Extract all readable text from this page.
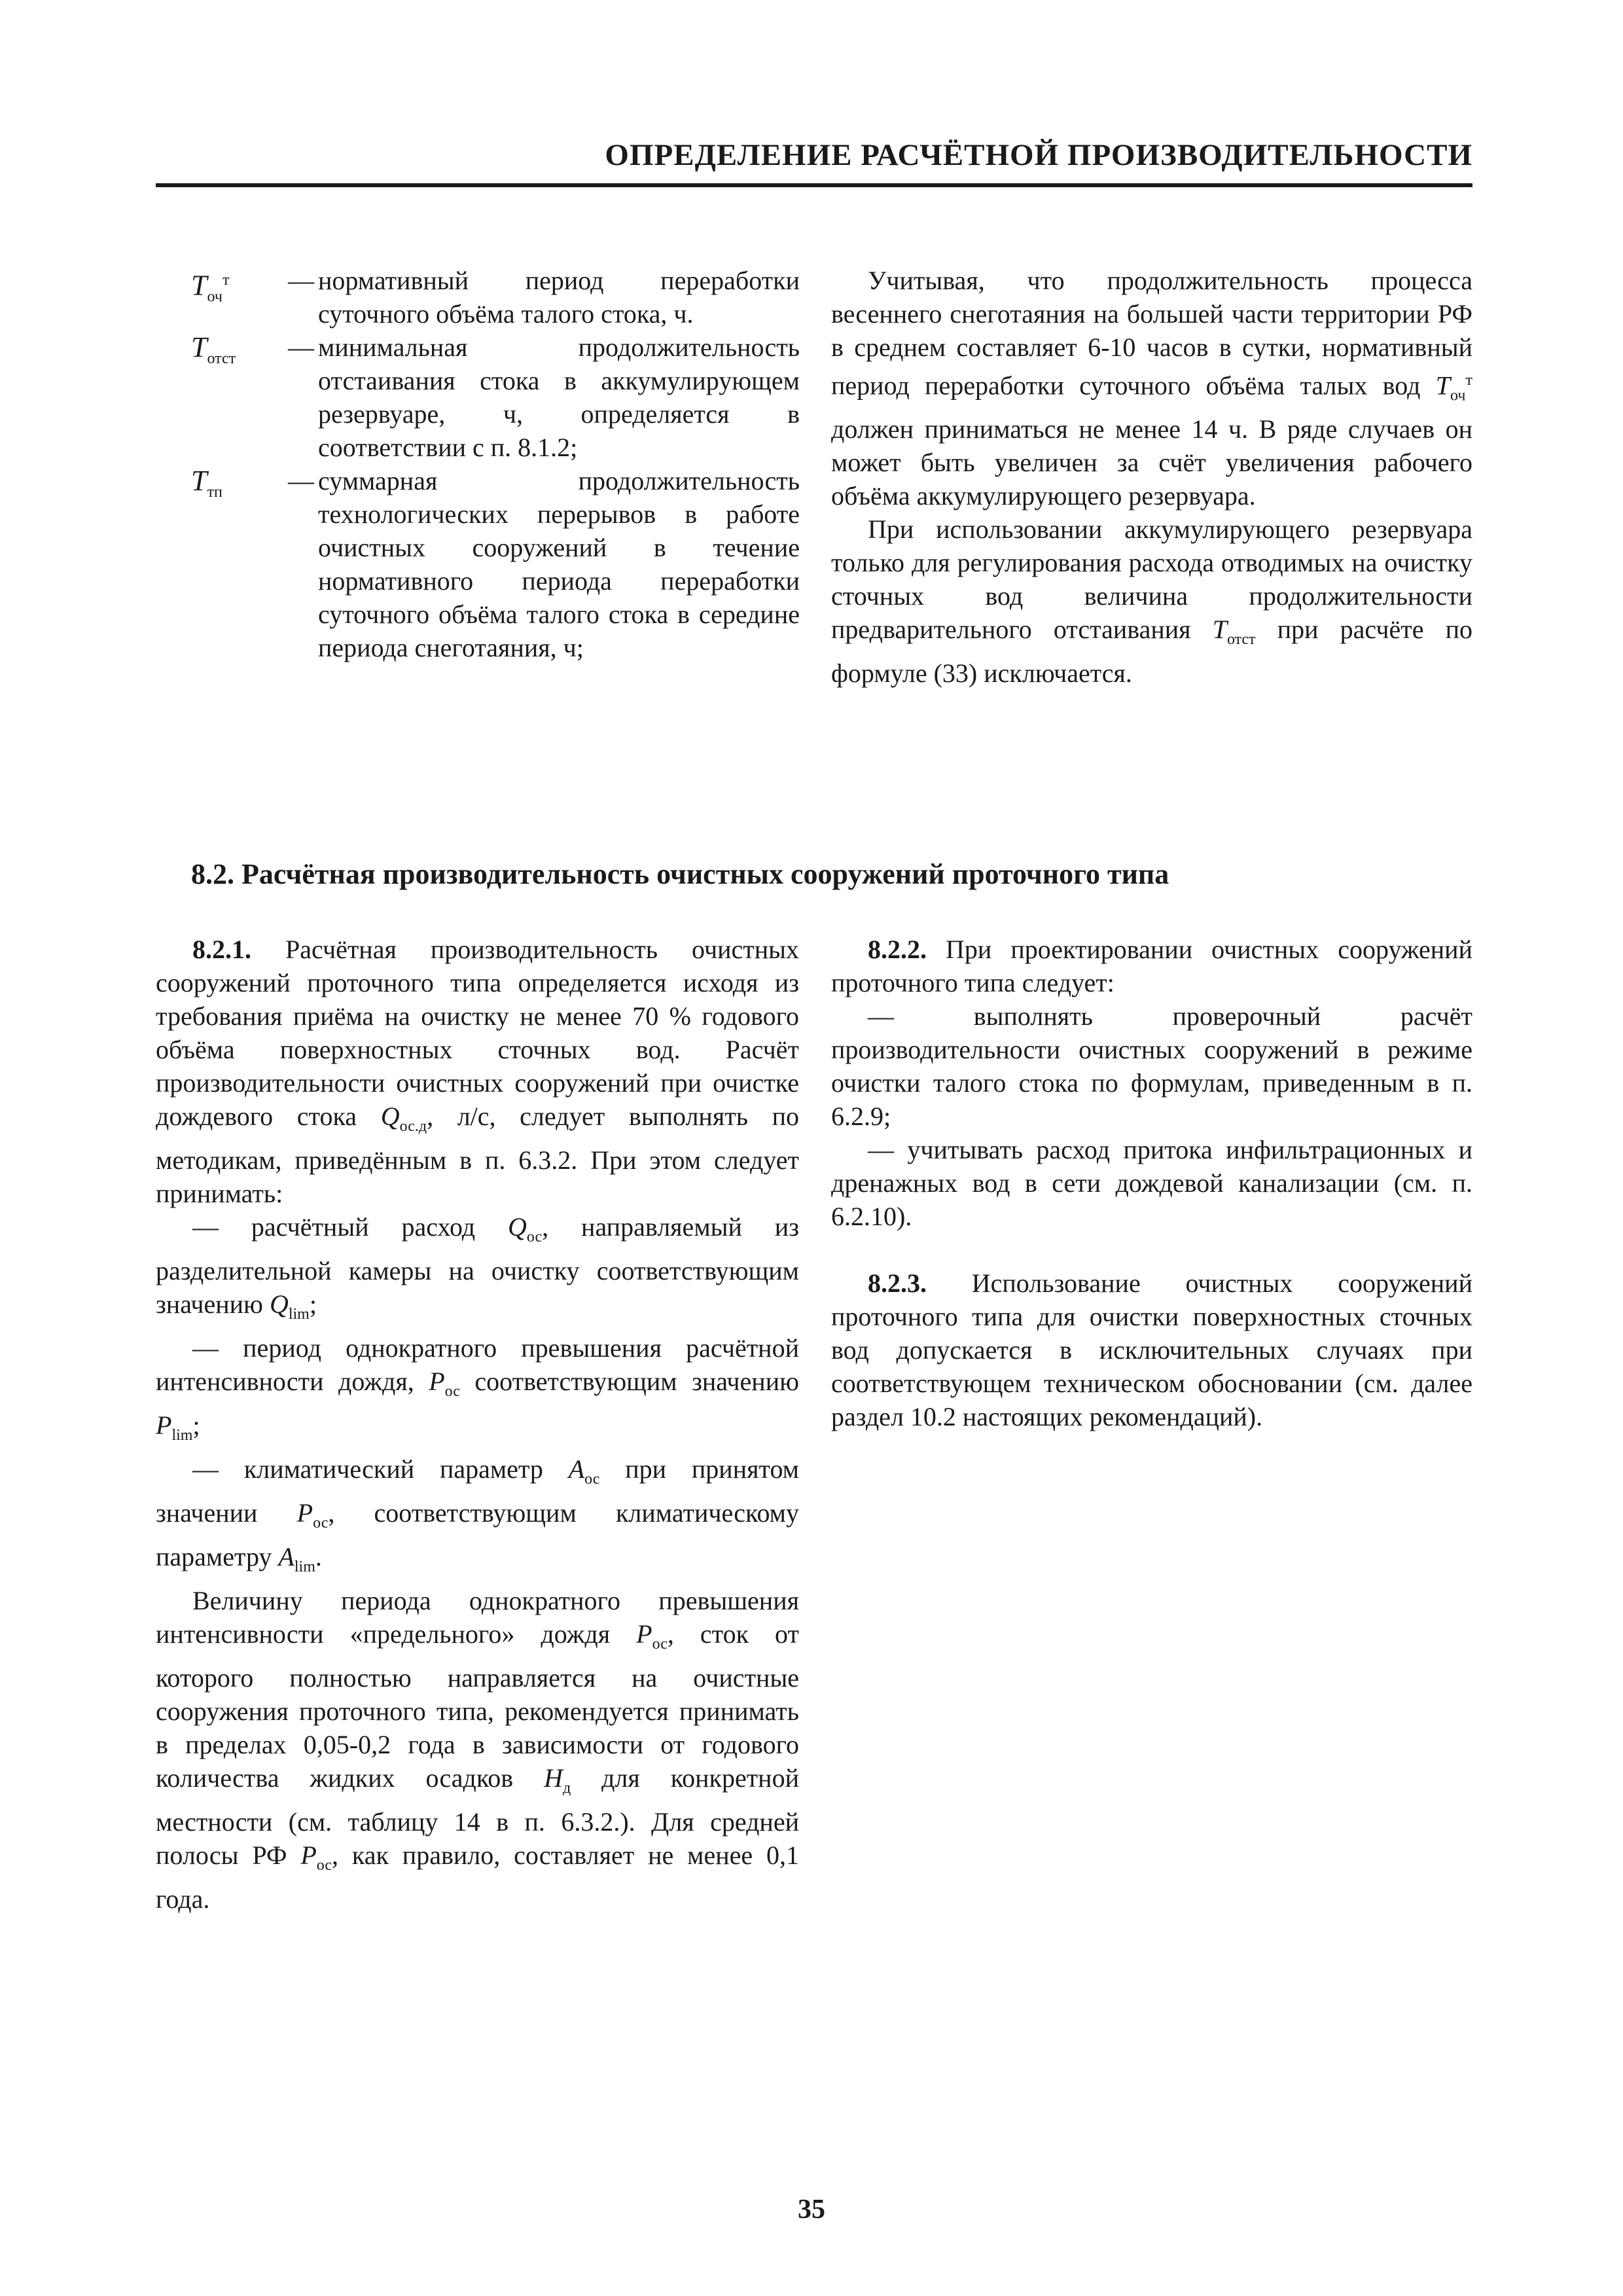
ОПРЕДЕЛЕНИЕ РАСЧЁТНОЙ ПРОИЗВОДИТЕЛЬНОСТИ
$T_{оч}^т$	— нормативный период переработки суточного объёма талого стока, ч.
$T_{отст}$	— минимальная продолжительность отстаивания стока в аккумулирующем резервуаре, ч, определяется в соответствии с п. 8.1.2;
$T_{тп}$	— суммарная продолжительность технологических перерывов в работе очистных сооружений в течение нормативного периода переработки суточного объёма талого стока в середине периода снеготаяния, ч;

Учитывая, что продолжительность процесса весеннего снеготаяния на большей части территории РФ в среднем составляет 6-10 часов в сутки, нормативный период переработки суточного объёма талых вод $T_{оч}^т$ должен приниматься не менее 14 ч. В ряде случаев он может быть увеличен за счёт увеличения рабочего объёма аккумулирующего резервуара.

При использовании аккумулирующего резервуара только для регулирования расхода отводимых на очистку сточных вод величина продолжительности предварительного отстаивания $T_{отст}$ при расчёте по формуле (33) исключается.

8.2. Расчётная производительность очистных сооружений проточного типа

8.2.1. Расчётная производительность очистных сооружений проточного типа определяется исходя из требования приёма на очистку не менее 70 % годового объёма поверхностных сточных вод. Расчёт производительности очистных сооружений при очистке дождевого стока $Q_{ос.д}$, л/с, следует выполнять по методикам, приведённым в п. 6.3.2. При этом следует принимать:

— расчётный расход $Q_{ос}$, направляемый из разделительной камеры на очистку соответствующим значению $Q_{lim}$;

— период однократного превышения расчётной интенсивности дождя, $P_{ос}$ соответствующим значению $P_{lim}$;

— климатический параметр $A_{ос}$ при принятом значении $P_{ос}$, соответствующим климатическому параметру $A_{lim}$.

Величину периода однократного превышения интенсивности «предельного» дождя $P_{ос}$, сток от которого полностью направляется на очистные сооружения проточного типа, рекомендуется принимать в пределах 0,05-0,2 года в зависимости от годового количества жидких осадков $H_д$ для конкретной местности (см. таблицу 14 в п. 6.3.2.). Для средней полосы РФ $P_{ос}$, как правило, составляет не менее 0,1 года.

8.2.2. При проектировании очистных сооружений проточного типа следует:

— выполнять проверочный расчёт производительности очистных сооружений в режиме очистки талого стока по формулам, приведенным в п. 6.2.9;

— учитывать расход притока инфильтрационных и дренажных вод в сети дождевой канализации (см. п. 6.2.10).

8.2.3. Использование очистных сооружений проточного типа для очистки поверхностных сточных вод допускается в исключительных случаях при соответствующем техническом обосновании (см. далее раздел 10.2 настоящих рекомендаций).

35
